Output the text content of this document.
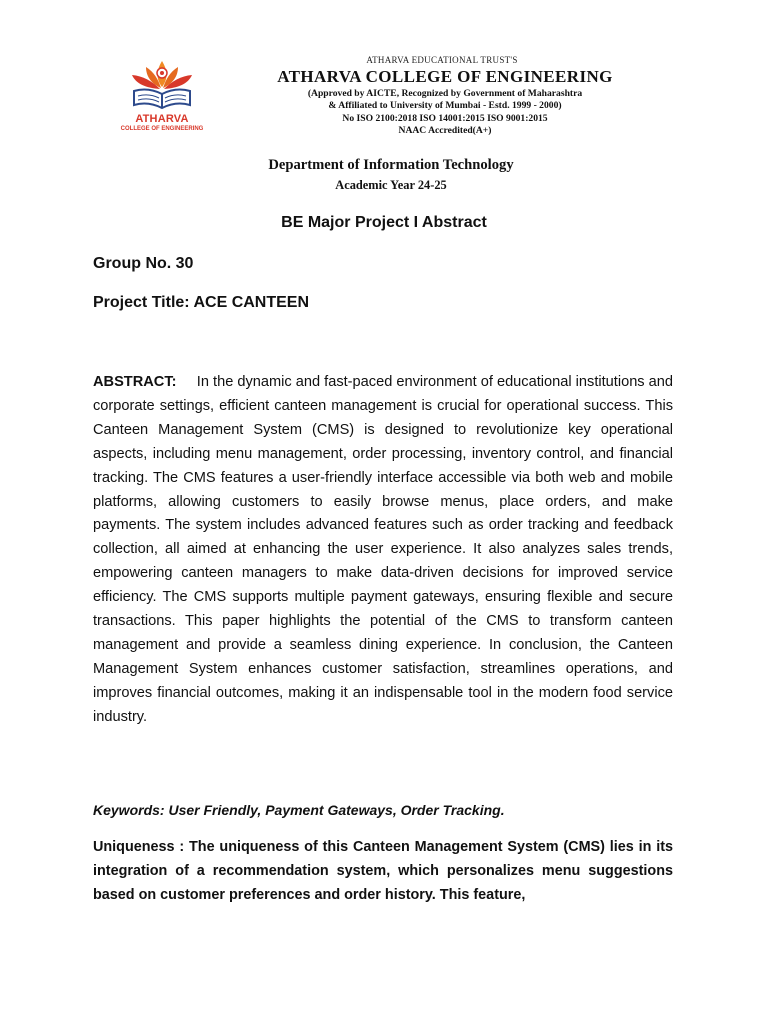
ATHARVA
COLLEGE OF ENGINEERING
ATHARVA EDUCATIONAL TRUST'S
ATHARVA COLLEGE OF ENGINEERING
(Approved by AICTE, Recognized by Government of Maharashtra
& Affiliated to University of Mumbai - Estd. 1999 - 2000)
No ISO 2100:2018 ISO 14001:2015 ISO 9001:2015
NAAC Accredited(A+)
Department of Information Technology
Academic Year 24-25
BE Major Project I Abstract
Group No. 30
Project Title: ACE CANTEEN
ABSTRACT: In the dynamic and fast-paced environment of educational institutions and corporate settings, efficient canteen management is crucial for operational success. This Canteen Management System (CMS) is designed to revolutionize key operational aspects, including menu management, order processing, inventory control, and financial tracking. The CMS features a user-friendly interface accessible via both web and mobile platforms, allowing customers to easily browse menus, place orders, and make payments. The system includes advanced features such as order tracking and feedback collection, all aimed at enhancing the user experience. It also analyzes sales trends, empowering canteen managers to make data-driven decisions for improved service efficiency. The CMS supports multiple payment gateways, ensuring flexible and secure transactions. This paper highlights the potential of the CMS to transform canteen management and provide a seamless dining experience. In conclusion, the Canteen Management System enhances customer satisfaction, streamlines operations, and improves financial outcomes, making it an indispensable tool in the modern food service industry.
Keywords: User Friendly, Payment Gateways, Order Tracking.
Uniqueness : The uniqueness of this Canteen Management System (CMS) lies in its integration of a recommendation system, which personalizes menu suggestions based on customer preferences and order history. This feature,
